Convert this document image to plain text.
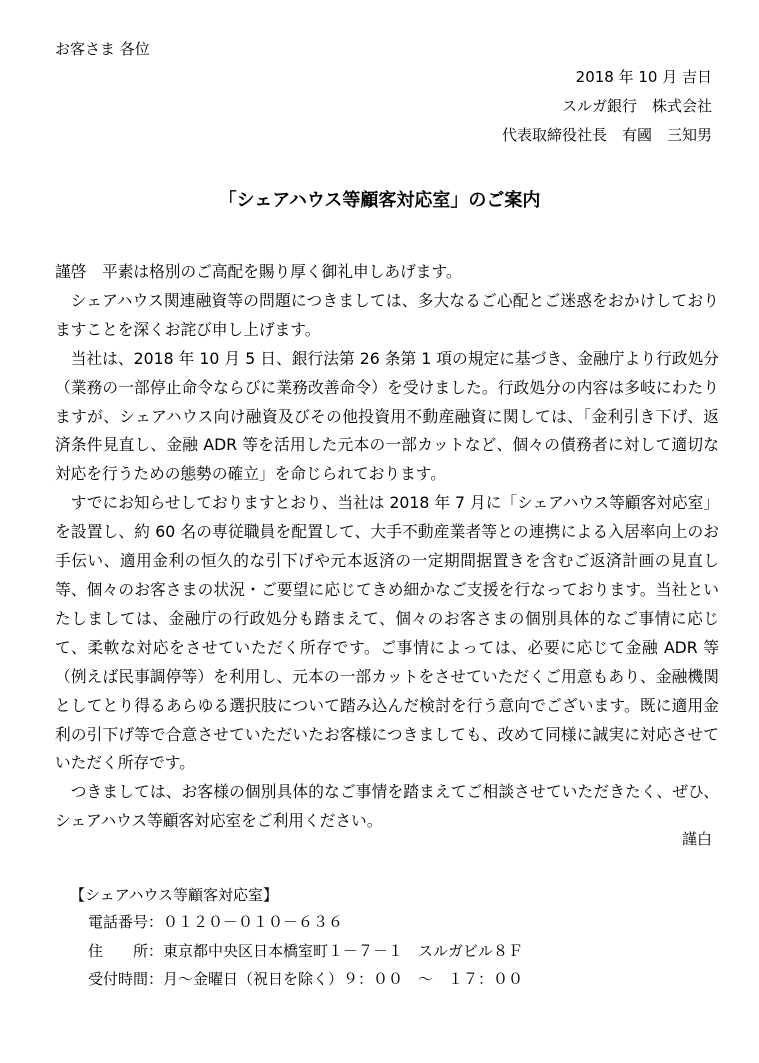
お客さま 各位
2018 年 10 月 吉日
スルガ銀行　株式会社
代表取締役社長　有國　三知男
「シェアハウス等顧客対応室」のご案内

謹啓　平素は格別のご高配を賜り厚く御礼申しあげます。

シェアハウス関連融資等の問題につきましては、多大なるご心配とご迷惑をおかけしておりますことを深くお詫び申し上げます。

当社は、2018 年 10 月 5 日、銀行法第 26 条第 1 項の規定に基づき、金融庁より行政処分（業務の一部停止命令ならびに業務改善命令）を受けました。行政処分の内容は多岐にわたりますが、シェアハウス向け融資及びその他投資用不動産融資に関しては、「金利引き下げ、返済条件見直し、金融 ADR 等を活用した元本の一部カットなど、個々の債務者に対して適切な対応を行うための態勢の確立」を命じられております。

すでにお知らせしておりますとおり、当社は 2018 年 7 月に「シェアハウス等顧客対応室」を設置し、約 60 名の専従職員を配置して、大手不動産業者等との連携による入居率向上のお手伝い、適用金利の恒久的な引下げや元本返済の一定期間据置きを含むご返済計画の見直し等、個々のお客さまの状況・ご要望に応じてきめ細かなご支援を行なっております。当社といたしましては、金融庁の行政処分も踏まえて、個々のお客さまの個別具体的なご事情に応じて、柔軟な対応をさせていただく所存です。ご事情によっては、必要に応じて金融 ADR 等（例えば民事調停等）を利用し、元本の一部カットをさせていただくご用意もあり、金融機関としてとり得るあらゆる選択肢について踏み込んだ検討を行う意向でございます。既に適用金利の引下げ等で合意させていただいたお客様につきましても、改めて同様に誠実に対応させていただく所存です。

つきましては、お客様の個別具体的なご事情を踏まえてご相談させていただきたく、ぜひ、シェアハウス等顧客対応室をご利用ください。

謹白
【シェアハウス等顧客対応室】
電話番号：０１２０－０１０－６３６
住　　所：東京都中央区日本橋室町１－７－１　スルガビル８Ｆ
受付時間：月～金曜日（祝日を除く）９：００　～　１７：００
